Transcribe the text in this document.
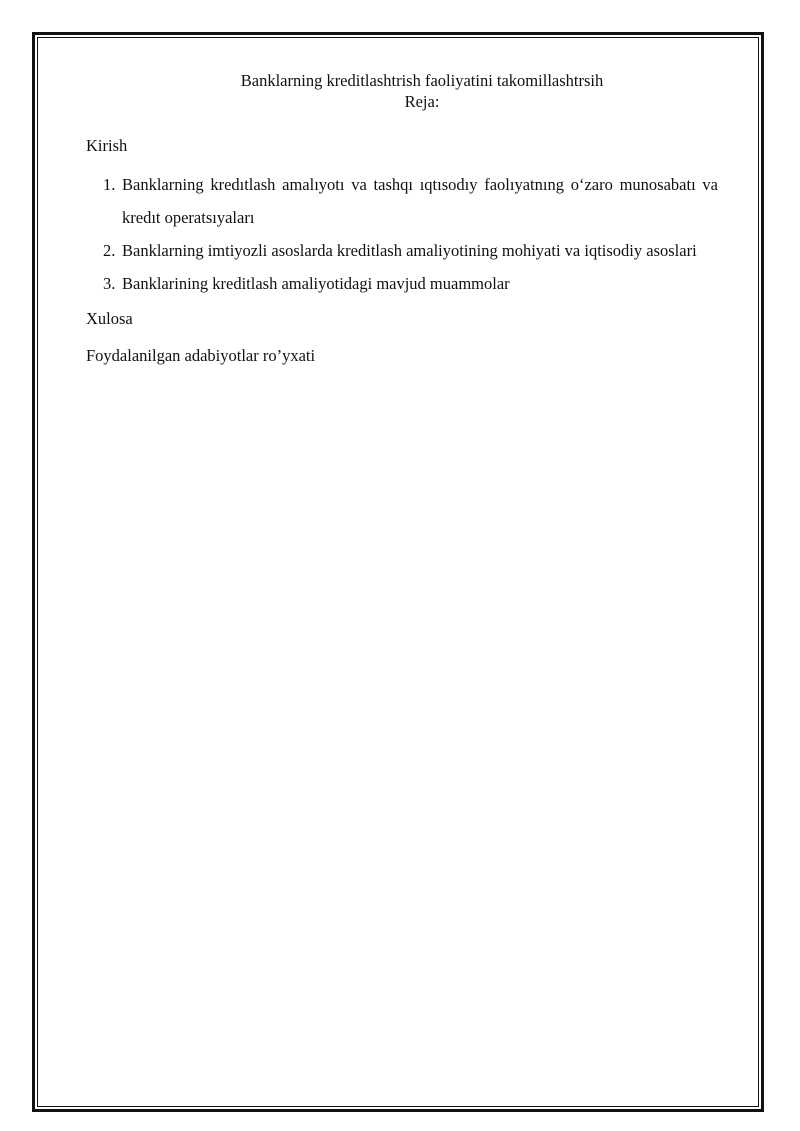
Banklarning kreditlashtrish faoliyatini takomillashtrsih
Reja:

Kirish

1. Banklarning kredıtlash amalıyotı va tashqı ıqtısodıy faolıyatnıng o‘zaro munosabatı va kredıt operatsıyaları
2. Banklarning imtiyozli asoslarda kreditlash amaliyotining mohiyati va iqtisodiy asoslari
3. Banklarining kreditlash amaliyotidagi mavjud muammolar

Xulosa

Foydalanilgan adabiyotlar ro’yxati
